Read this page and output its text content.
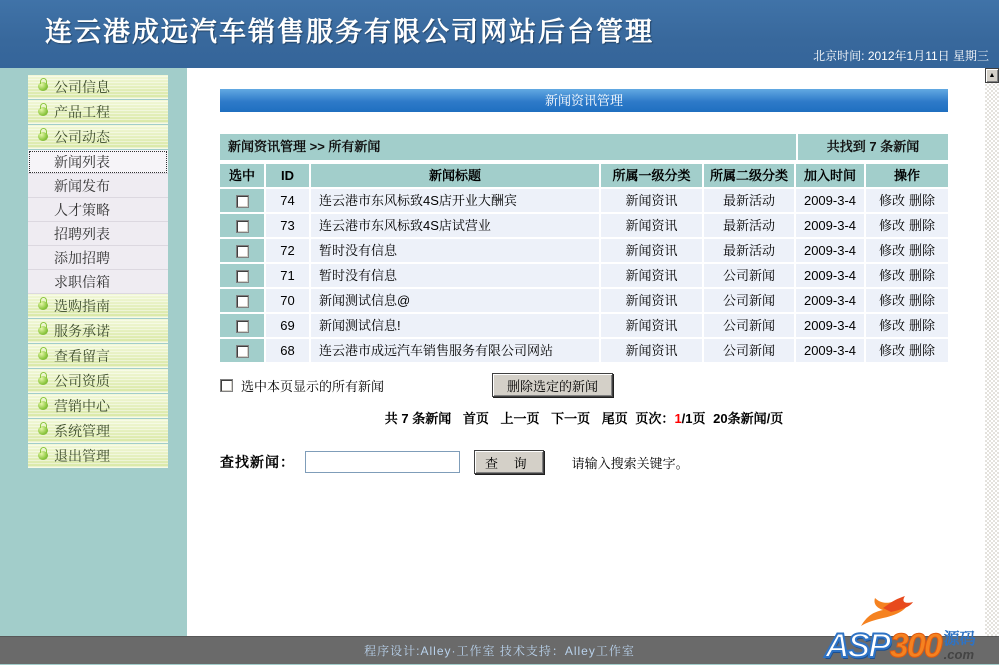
连云港成远汽车销售服务有限公司网站后台管理
北京时间: 2012年1月11日 星期三
公司信息
产品工程
公司动态
新闻列表
新闻发布
人才策略
招聘列表
添加招聘
求职信箱
选购指南
服务承诺
查看留言
公司资质
营销中心
系统管理
退出管理
新闻资讯管理
新闻资讯管理 >> 所有新闻	共找到 7 条新闻
选中	ID	新闻标题	所属一级分类	所属二级分类	加入时间	操作
74	连云港市东风标致4S店开业大酬宾	新闻资讯	最新活动	2009-3-4	修改 删除
73	连云港市东风标致4S店试营业	新闻资讯	最新活动	2009-3-4	修改 删除
72	暂时没有信息	新闻资讯	最新活动	2009-3-4	修改 删除
71	暂时没有信息	新闻资讯	公司新闻	2009-3-4	修改 删除
70	新闻测试信息@	新闻资讯	公司新闻	2009-3-4	修改 删除
69	新闻测试信息!	新闻资讯	公司新闻	2009-3-4	修改 删除
68	连云港市成远汽车销售服务有限公司网站	新闻资讯	公司新闻	2009-3-4	修改 删除
选中本页显示的所有新闻	删除选定的新闻
共 7 条新闻 首页 上一页 下一页 尾页 页次：1/1页 20条新闻/页
查找新闻：	查 询	请输入搜索关键字。
▲
程序设计:Alley·工作室 技术支持：Alley工作室	ASP 300 源码
.com
